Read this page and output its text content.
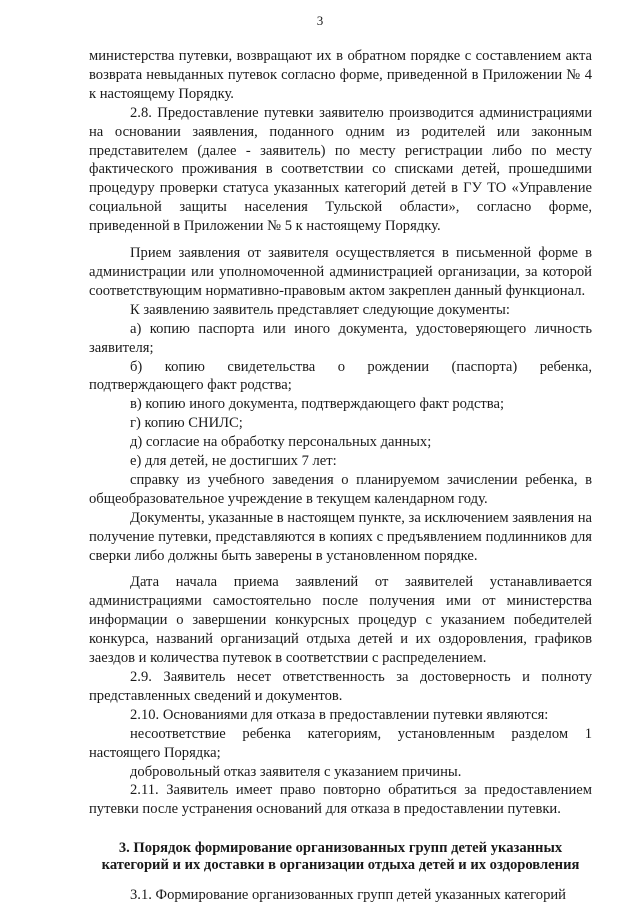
3

министерства путевки, возвращают их в обратном порядке с составлением акта возврата невыданных путевок согласно форме, приведенной в Приложении № 4 к настоящему Порядку.

2.8. Предоставление путевки заявителю производится администрациями на основании заявления, поданного одним из родителей или законным представителем (далее - заявитель) по месту регистрации либо по месту фактического проживания в соответствии со списками детей, прошедшими процедуру проверки статуса указанных категорий детей в ГУ ТО «Управление социальной защиты населения Тульской области», согласно форме, приведенной в Приложении № 5 к настоящему Порядку.

Прием заявления от заявителя осуществляется в письменной форме в администрации или уполномоченной администрацией организации, за которой соответствующим нормативно-правовым актом закреплен данный функционал.

К заявлению заявитель представляет следующие документы:

а) копию паспорта или иного документа, удостоверяющего личность заявителя;

б) копию свидетельства о рождении (паспорта) ребенка, подтверждающего факт родства;

в) копию иного документа, подтверждающего факт родства;

г) копию СНИЛС;

д) согласие на обработку персональных данных;

е) для детей, не достигших 7 лет:

справку из учебного заведения о планируемом зачислении ребенка, в общеобразовательное учреждение в текущем календарном году.

Документы, указанные в настоящем пункте, за исключением заявления на получение путевки, представляются в копиях с предъявлением подлинников для сверки либо должны быть заверены в установленном порядке.

Дата начала приема заявлений от заявителей устанавливается администрациями самостоятельно после получения ими от министерства информации о завершении конкурсных процедур с указанием победителей конкурса, названий организаций отдыха детей и их оздоровления, графиков заездов и количества путевок в соответствии с распределением.

2.9. Заявитель несет ответственность за достоверность и полноту представленных сведений и документов.

2.10. Основаниями для отказа в предоставлении путевки являются:

несоответствие ребенка категориям, установленным разделом 1 настоящего Порядка;

добровольный отказ заявителя с указанием причины.

2.11. Заявитель имеет право повторно обратиться за предоставлением путевки после устранения оснований для отказа в предоставлении путевки.

3. Порядок формирование организованных групп детей указанных
категорий и их доставки в организации отдыха детей и их оздоровления

3.1. Формирование организованных групп детей указанных категорий
